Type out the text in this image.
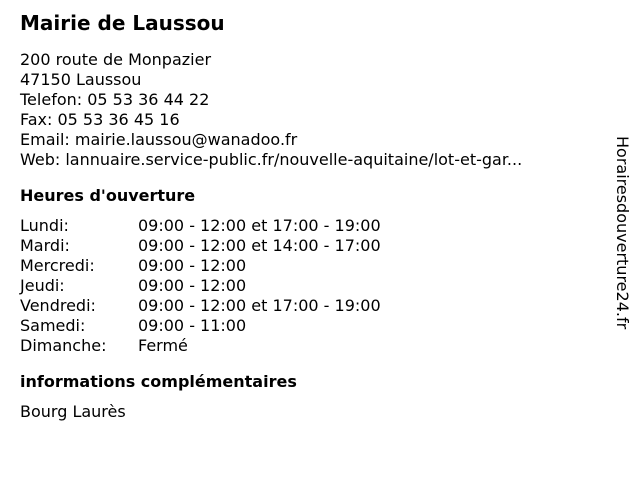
Mairie de Laussou
200 route de Monpazier
47150 Laussou
Telefon: 05 53 36 44 22
Fax: 05 53 36 45 16
Email: mairie.laussou@wanadoo.fr
Web: lannuaire.service-public.fr/nouvelle-aquitaine/lot-et-gar...
Heures d'ouverture
Lundi:	09:00 - 12:00 et 17:00 - 19:00
Mardi:	09:00 - 12:00 et 14:00 - 17:00
Mercredi:	09:00 - 12:00
Jeudi:	09:00 - 12:00
Vendredi:	09:00 - 12:00 et 17:00 - 19:00
Samedi:	09:00 - 11:00
Dimanche:	Fermé
informations complémentaires
Bourg Laurès
Horairesdouverture24.fr
